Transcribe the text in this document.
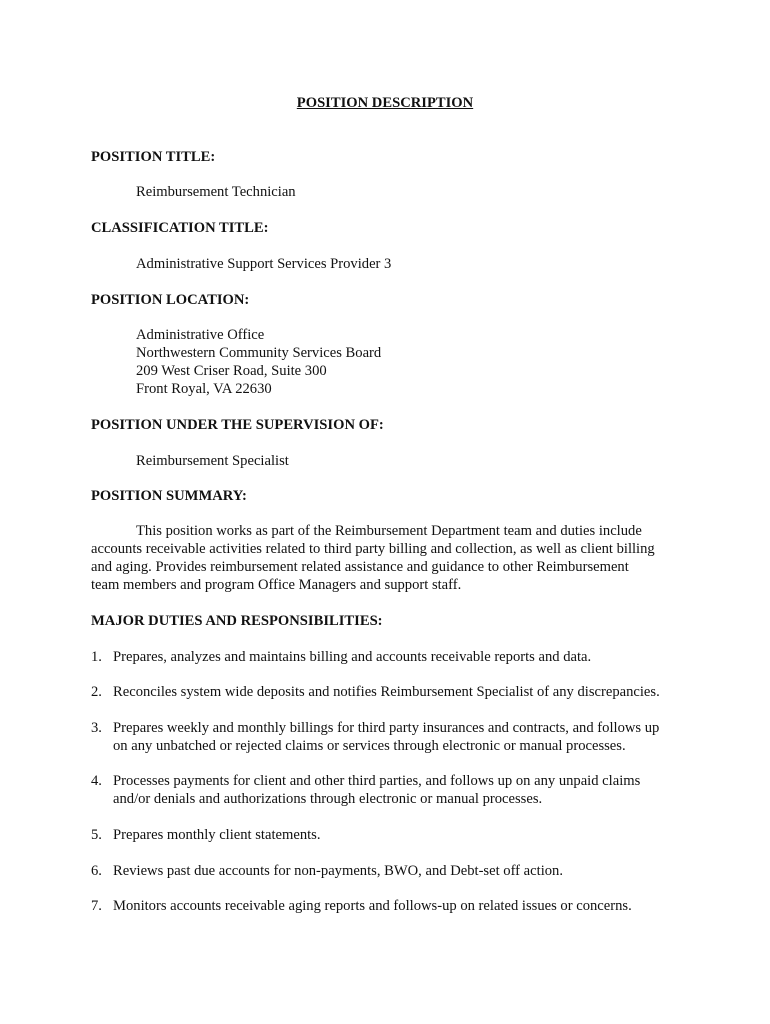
POSITION DESCRIPTION
POSITION TITLE:
Reimbursement Technician
CLASSIFICATION TITLE:
Administrative Support Services Provider 3
POSITION LOCATION:
Administrative Office
Northwestern Community Services Board
209 West Criser Road, Suite 300
Front Royal, VA 22630
POSITION UNDER THE SUPERVISION OF:
Reimbursement Specialist
POSITION SUMMARY:
This position works as part of the Reimbursement Department team and duties include
accounts receivable activities related to third party billing and collection, as well as client billing
and aging. Provides reimbursement related assistance and guidance to other Reimbursement
team members and program Office Managers and support staff.
MAJOR DUTIES AND RESPONSIBILITIES:
1. Prepares, analyzes and maintains billing and accounts receivable reports and data.
2. Reconciles system wide deposits and notifies Reimbursement Specialist of any discrepancies.
3. Prepares weekly and monthly billings for third party insurances and contracts, and follows up
on any unbatched or rejected claims or services through electronic or manual processes.
4. Processes payments for client and other third parties, and follows up on any unpaid claims
and/or denials and authorizations through electronic or manual processes.
5. Prepares monthly client statements.
6. Reviews past due accounts for non-payments, BWO, and Debt-set off action.
7. Monitors accounts receivable aging reports and follows-up on related issues or concerns.
